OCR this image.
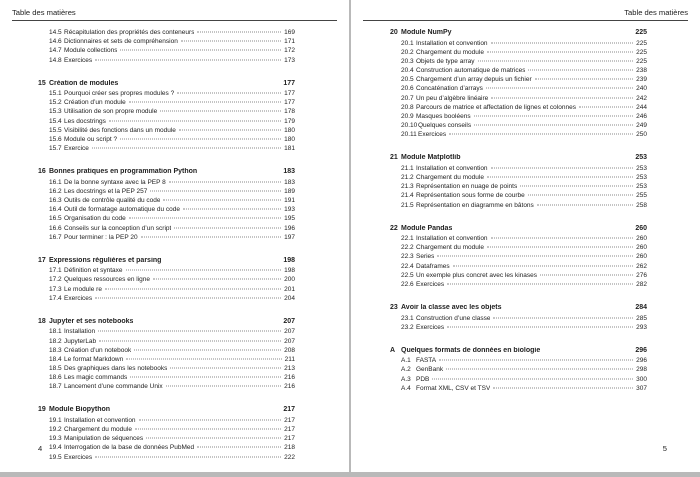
Table des matières
14.5 Récapitulation des propriétés des conteneurs	169
14.6 Dictionnaires et sets de compréhension	171
14.7 Module collections	172
14.8 Exercices	173
15 Création de modules	177
15.1 Pourquoi créer ses propres modules ?	177
15.2 Création d’un module	177
15.3 Utilisation de son propre module	178
15.4 Les docstrings	179
15.5 Visibilité des fonctions dans un module	180
15.6 Module ou script ?	180
15.7 Exercice	181
16 Bonnes pratiques en programmation Python	183
16.1 De la bonne syntaxe avec la PEP 8	183
16.2 Les docstrings et la PEP 257	189
16.3 Outils de contrôle qualité du code	191
16.4 Outil de formatage automatique du code	193
16.5 Organisation du code	195
16.6 Conseils sur la conception d’un script	196
16.7 Pour terminer : la PEP 20	197
17 Expressions régulières et parsing	198
17.1 Définition et syntaxe	198
17.2 Quelques ressources en ligne	200
17.3 Le module re	201
17.4 Exercices	204
18 Jupyter et ses notebooks	207
18.1 Installation	207
18.2 JupyterLab	207
18.3 Création d’un notebook	208
18.4 Le format Markdown	211
18.5 Des graphiques dans les notebooks	213
18.6 Les magic commands	216
18.7 Lancement d’une commande Unix	216
19 Module Biopython	217
19.1 Installation et convention	217
19.2 Chargement du module	217
19.3 Manipulation de séquences	217
19.4 Interrogation de la base de données PubMed	218
19.5 Exercices	222
4
Table des matières
20 Module NumPy	225
20.1 Installation et convention	225
20.2 Chargement du module	225
20.3 Objets de type array	225
20.4 Construction automatique de matrices	238
20.5 Chargement d’un array depuis un fichier	239
20.6 Concaténation d’arrays	240
20.7 Un peu d’algèbre linéaire	242
20.8 Parcours de matrice et affectation de lignes et colonnes	244
20.9 Masques booléens	246
20.10 Quelques conseils	249
20.11 Exercices	250
21 Module Matplotlib	253
21.1 Installation et convention	253
21.2 Chargement du module	253
21.3 Représentation en nuage de points	253
21.4 Représentation sous forme de courbe	255
21.5 Représentation en diagramme en bâtons	258
22 Module Pandas	260
22.1 Installation et convention	260
22.2 Chargement du module	260
22.3 Series	260
22.4 Dataframes	262
22.5 Un exemple plus concret avec les kinases	276
22.6 Exercices	282
23 Avoir la classe avec les objets	284
23.1 Construction d’une classe	285
23.2 Exercices	293
A Quelques formats de données en biologie	296
A.1 FASTA	296
A.2 GenBank	298
A.3 PDB	300
A.4 Format XML, CSV et TSV	307
5
